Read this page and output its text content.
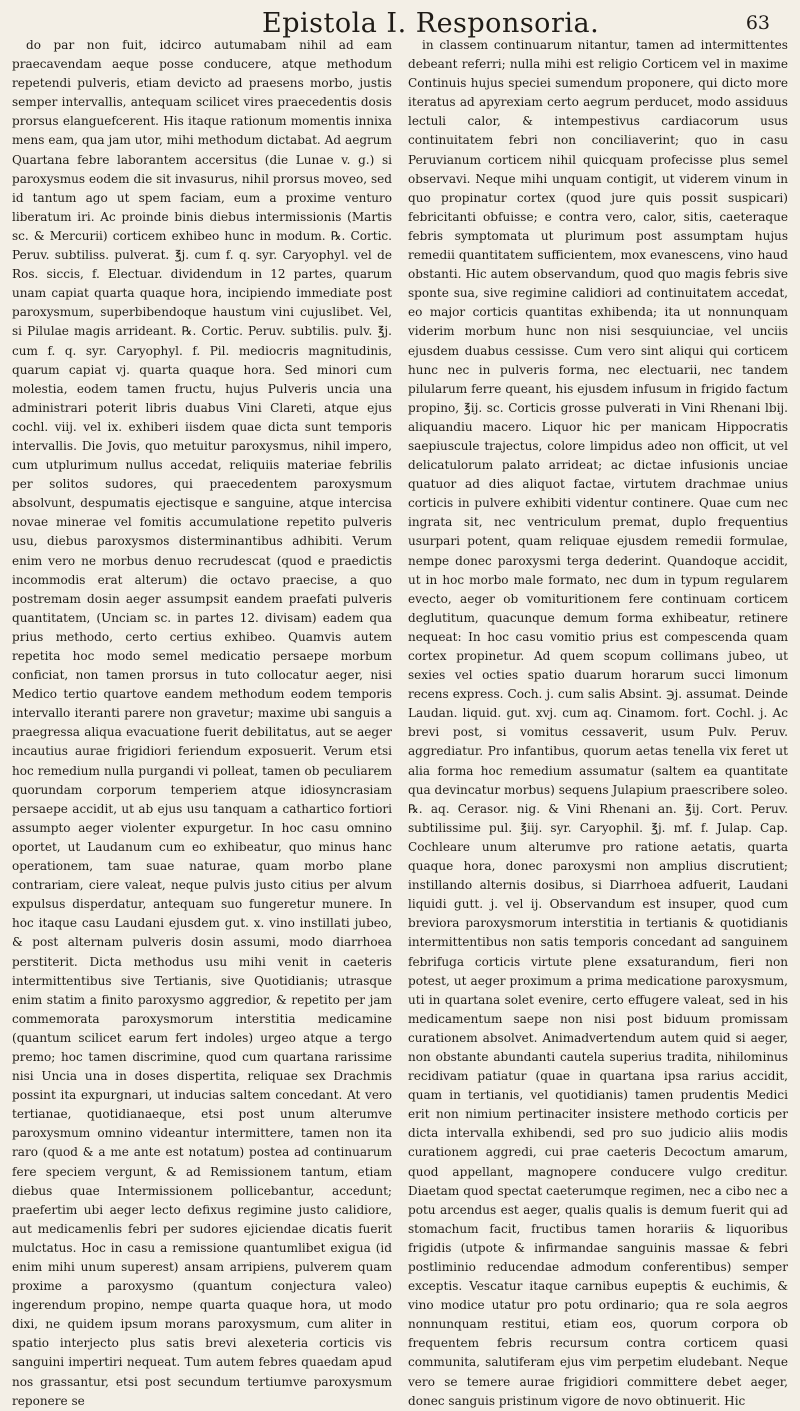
Epistola I. Responsoria.	63

do par non fuit, idcirco autumabam nihil ad eam praecavendam aeque posse conducere, atque methodum repetendi pulveris, etiam devicto ad praesens morbo, justis semper intervallis, antequam scilicet vires praecedentis dosis prorsus elanguefcerent. His itaque rationum momentis innixa mens eam, qua jam utor, mihi methodum dictabat. Ad aegrum Quartana febre laborantem accersitus (die Lunae v. g.) si paroxysmus eodem die sit invasurus, nihil prorsus moveo, sed id tantum ago ut spem faciam, eum a proxime venturo liberatum iri. Ac proinde binis diebus intermissionis (Martis sc. & Mercurii) corticem exhibeo hunc in modum. ℞. Cortic. Peruv. subtiliss. pulverat. ℥j. cum f. q. syr. Caryophyl. vel de Ros. siccis, f. Electuar. dividendum in 12 partes, quarum unam capiat quarta quaque hora, incipiendo immediate post paroxysmum, superbibendoque haustum vini cujuslibet. Vel, si Pilulae magis arrideant. ℞. Cortic. Peruv. subtilis. pulv. ℥j. cum f. q. syr. Caryophyl. f. Pil. mediocris magnitudinis, quarum capiat vj. quarta quaque hora. Sed minori cum molestia, eodem tamen fructu, hujus Pulveris uncia una administrari poterit libris duabus Vini Clareti, atque ejus cochl. viij. vel ix. exhiberi iisdem quae dicta sunt temporis intervallis. Die Jovis, quo metuitur paroxysmus, nihil impero, cum utplurimum nullus accedat, reliquiis materiae febrilis per solitos sudores, qui praecedentem paroxysmum absolvunt, despumatis ejectisque e sanguine, atque intercisa novae minerae vel fomitis accumulatione repetito pulveris usu, diebus paroxysmos disterminantibus adhibiti. Verum enim vero ne morbus denuo recrudescat (quod e praedictis incommodis erat alterum) die octavo praecise, a quo postremam dosin aeger assumpsit eandem praefati pulveris quantitatem, (Unciam sc. in partes 12. divisam) eadem qua prius methodo, certo certius exhibeo. Quamvis autem repetita hoc modo semel medicatio persaepe morbum conficiat, non tamen prorsus in tuto collocatur aeger, nisi Medico tertio quartove eandem methodum eodem temporis intervallo iteranti parere non gravetur; maxime ubi sanguis a praegressa aliqua evacuatione fuerit debilitatus, aut se aeger incautius aurae frigidiori feriendum exposuerit. Verum etsi hoc remedium nulla purgandi vi polleat, tamen ob peculiarem quorundam corporum temperiem atque idiosyncrasiam persaepe accidit, ut ab ejus usu tanquam a cathartico fortiori assumpto aeger violenter expurgetur. In hoc casu omnino oportet, ut Laudanum cum eo exhibeatur, quo minus hanc operationem, tam suae naturae, quam morbo plane contrariam, ciere valeat, neque pulvis justo citius per alvum expulsus disperdatur, antequam suo fungeretur munere. In hoc itaque casu Laudani ejusdem gut. x. vino instillati jubeo, & post alternam pulveris dosin assumi, modo diarrhoea perstiterit. Dicta methodus usu mihi venit in caeteris intermittentibus sive Tertianis, sive Quotidianis; utrasque enim statim a finito paroxysmo aggredior, & repetito per jam commemorata paroxysmorum interstitia medicamine (quantum scilicet earum fert indoles) urgeo atque a tergo premo; hoc tamen discrimine, quod cum quartana rarissime nisi Uncia una in doses dispertita, reliquae sex Drachmis possint ita expurgnari, ut inducias saltem concedant. At vero tertianae, quotidianaeque, etsi post unum alterumve paroxysmum omnino videantur intermittere, tamen non ita raro (quod & a me ante est notatum) postea ad continuarum fere speciem vergunt, & ad Remissionem tantum, etiam diebus quae Intermissionem pollicebantur, accedunt; praefertim ubi aeger lecto defixus regimine justo calidiore, aut medicamenlis febri per sudores ejiciendae dicatis fuerit mulctatus. Hoc in casu a remissione quantumlibet exigua (id enim mihi unum superest) ansam arripiens, pulverem quam proxime a paroxysmo (quantum conjectura valeo) ingerendum propino, nempe quarta quaque hora, ut modo dixi, ne quidem ipsum morans paroxysmum, cum aliter in spatio interjecto plus satis brevi alexeteria corticis vis sanguini impertiri nequeat. Tum autem febres quaedam apud nos grassantur, etsi post secundum tertiumve paroxysmum reponere se

in classem continuarum nitantur, tamen ad intermittentes debeant referri; nulla mihi est religio Corticem vel in maxime Continuis hujus speciei sumendum proponere, qui dicto more iteratus ad apyrexiam certo aegrum perducet, modo assiduus lectuli calor, & intempestivus cardiacorum usus continuitatem febri non conciliaverint; quo in casu Peruvianum corticem nihil quicquam profecisse plus semel observavi. Neque mihi unquam contigit, ut viderem vinum in quo propinatur cortex (quod jure quis possit suspicari) febricitanti obfuisse; e contra vero, calor, sitis, caeteraque febris symptomata ut plurimum post assumptam hujus remedii quantitatem sufficientem, mox evanescens, vino haud obstanti. Hic autem observandum, quod quo magis febris sive sponte sua, sive regimine calidiori ad continuitatem accedat, eo major corticis quantitas exhibenda; ita ut nonnunquam viderim morbum hunc non nisi sesquiunciae, vel unciis ejusdem duabus cessisse. Cum vero sint aliqui qui corticem hunc nec in pulveris forma, nec electuarii, nec tandem pilularum ferre queant, his ejusdem infusum in frigido factum propino, ℥ij. sc. Corticis grosse pulverati in Vini Rhenani lbij. aliquandiu macero. Liquor hic per manicam Hippocratis saepiuscule trajectus, colore limpidus adeo non officit, ut vel delicatulorum palato arrideat; ac dictae infusionis unciae quatuor ad dies aliquot factae, virtutem drachmae unius corticis in pulvere exhibiti videntur continere. Quae cum nec ingrata sit, nec ventriculum premat, duplo frequentius usurpari potent, quam reliquae ejusdem remedii formulae, nempe donec paroxysmi terga dederint. Quandoque accidit, ut in hoc morbo male formato, nec dum in typum regularem evecto, aeger ob vomituritionem fere continuam corticem deglutitum, quacunque demum forma exhibeatur, retinere nequeat: In hoc casu vomitio prius est compescenda quam cortex propinetur. Ad quem scopum collimans jubeo, ut sexies vel octies spatio duarum horarum succi limonum recens express. Coch. j. cum salis Absint. ℈j. assumat. Deinde Laudan. liquid. gut. xvj. cum aq. Cinamom. fort. Cochl. j. Ac brevi post, si vomitus cessaverit, usum Pulv. Peruv. aggrediatur. Pro infantibus, quorum aetas tenella vix feret ut alia forma hoc remedium assumatur (saltem ea quantitate qua devincatur morbus) sequens Julapium praescribere soleo. ℞. aq. Cerasor. nig. & Vini Rhenani an. ℥ij. Cort. Peruv. subtilissime pul. ℥iij. syr. Caryophil. ℥j. mf. f. Julap. Cap. Cochleare unum alterumve pro ratione aetatis, quarta quaque hora, donec paroxysmi non amplius discrutient; instillando alternis dosibus, si Diarrhoea adfuerit, Laudani liquidi gutt. j. vel ij. Observandum est insuper, quod cum breviora paroxysmorum interstitia in tertianis & quotidianis intermittentibus non satis temporis concedant ad sanguinem febrifuga corticis virtute plene exsaturandum, fieri non potest, ut aeger proximum a prima medicatione paroxysmum, uti in quartana solet evenire, certo effugere valeat, sed in his medicamentum saepe non nisi post biduum promissam curationem absolvet. Animadvertendum autem quid si aeger, non obstante abundanti cautela superius tradita, nihilominus recidivam patiatur (quae in quartana ipsa rarius accidit, quam in tertianis, vel quotidianis) tamen prudentis Medici erit non nimium pertinaciter insistere methodo corticis per dicta intervalla exhibendi, sed pro suo judicio aliis modis curationem aggredi, cui prae caeteris Decoctum amarum, quod appellant, magnopere conducere vulgo creditur. Diaetam quod spectat caeterumque regimen, nec a cibo nec a potu arcendus est aeger, qualis qualis is demum fuerit qui ad stomachum facit, fructibus tamen horariis & liquoribus frigidis (utpote & infirmandae sanguinis massae & febri postliminio reducendae admodum conferentibus) semper exceptis. Vescatur itaque carnibus eupeptis & euchimis, & vino modice utatur pro potu ordinario; qua re sola aegros nonnunquam restitui, etiam eos, quorum corpora ob frequentem febris recursum contra corticem quasi communita, salutiferam ejus vim perpetim eludebant. Neque vero se temere aurae frigidiori committere debet aeger, donec sanguis pristinum vigore de novo obtinuerit. Hic
